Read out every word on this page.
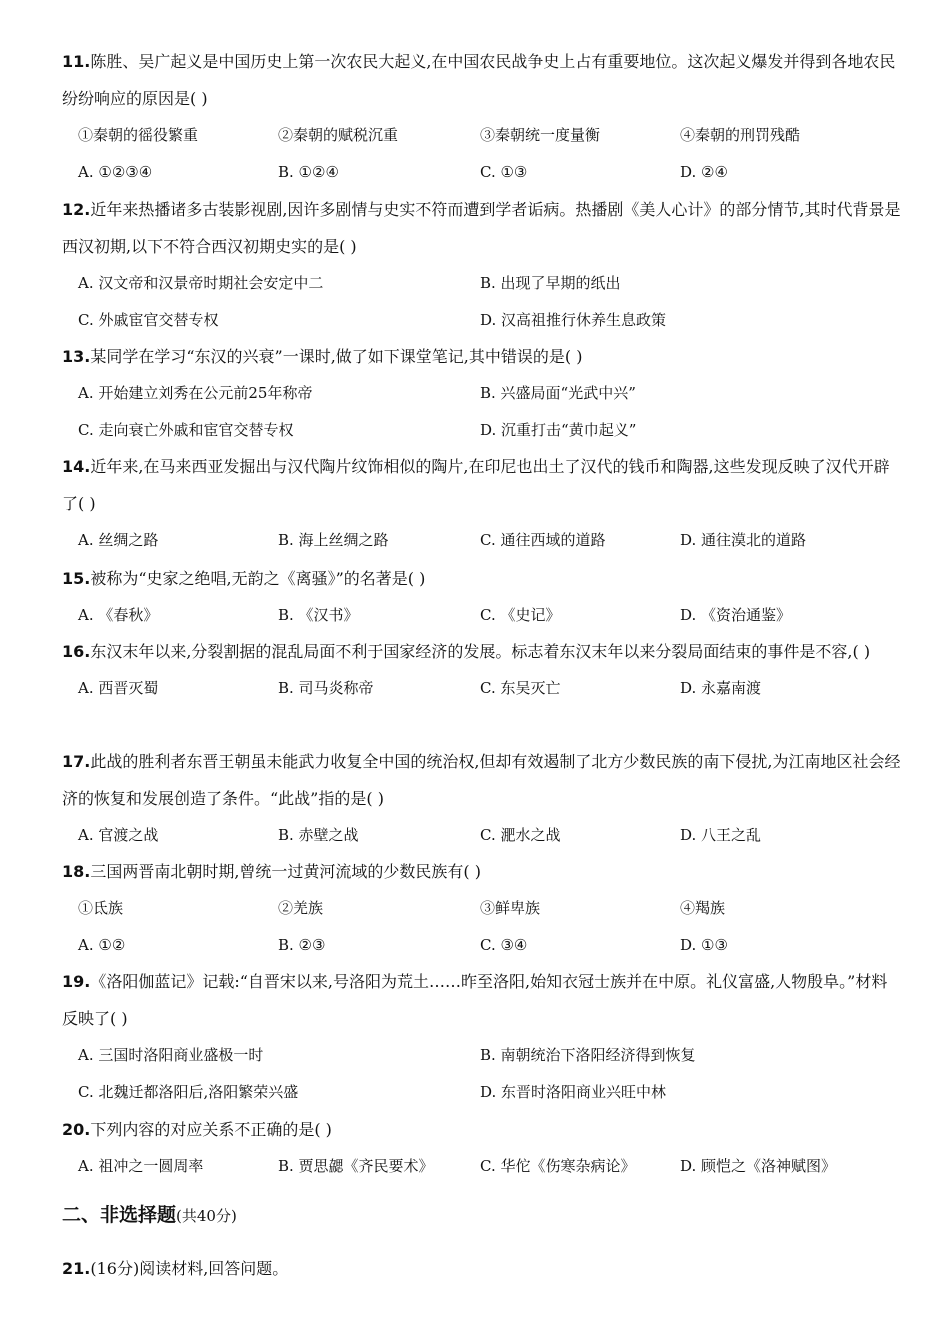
11.陈胜、吴广起义是中国历史上第一次农民大起义,在中国农民战争史上占有重要地位。这次起义爆发并得到各地农民纷纷响应的原因是( )
①秦朝的徭役繁重	②秦朝的赋税沉重	③秦朝统一度量衡	④秦朝的刑罚残酷
A. ①②③④	B. ①②④	C. ①③	D. ②④
12.近年来热播诸多古装影视剧,因许多剧情与史实不符而遭到学者诟病。热播剧《美人心计》的部分情节,其时代背景是西汉初期,以下不符合西汉初期史实的是( )
A. 汉文帝和汉景帝时期社会安定中二	B. 出现了早期的纸出
C. 外戚宦官交替专权	D. 汉高祖推行休养生息政策
13.某同学在学习“东汉的兴衰”一课时,做了如下课堂笔记,其中错误的是( )
A. 开始建立刘秀在公元前25年称帝	B. 兴盛局面“光武中兴”
C. 走向衰亡外戚和宦官交替专权	D. 沉重打击“黄巾起义”
14.近年来,在马来西亚发掘出与汉代陶片纹饰相似的陶片,在印尼也出土了汉代的钱币和陶器,这些发现反映了汉代开辟了( )
A. 丝绸之路	B. 海上丝绸之路	C. 通往西域的道路	D. 通往漠北的道路
15.被称为“史家之绝唱,无韵之《离骚》”的名著是( )
A. 《春秋》	B. 《汉书》	C. 《史记》	D. 《资治通鉴》
16.东汉末年以来,分裂割据的混乱局面不利于国家经济的发展。标志着东汉末年以来分裂局面结束的事件是不容,( )
A. 西晋灭蜀	B. 司马炎称帝	C. 东吴灭亡	D. 永嘉南渡
17.此战的胜利者东晋王朝虽未能武力收复全中国的统治权,但却有效遏制了北方少数民族的南下侵扰,为江南地区社会经济的恢复和发展创造了条件。“此战”指的是( )
A. 官渡之战	B. 赤壁之战	C. 淝水之战	D. 八王之乱
18.三国两晋南北朝时期,曾统一过黄河流域的少数民族有( )
①氐族	②羌族	③鲜卑族	④羯族
A. ①②	B. ②③	C. ③④	D. ①③
19.《洛阳伽蓝记》记载:“自晋宋以来,号洛阳为荒土……昨至洛阳,始知衣冠士族并在中原。礼仪富盛,人物殷阜。”材料反映了( )
A. 三国时洛阳商业盛极一时	B. 南朝统治下洛阳经济得到恢复
C. 北魏迁都洛阳后,洛阳繁荣兴盛	D. 东晋时洛阳商业兴旺中林
20.下列内容的对应关系不正确的是( )
A. 祖冲之一圆周率	B. 贾思勰《齐民要术》	C. 华佗《伤寒杂病论》	D. 顾恺之《洛神赋图》
二、非选择题(共40分)
21.(16分)阅读材料,回答问题。
